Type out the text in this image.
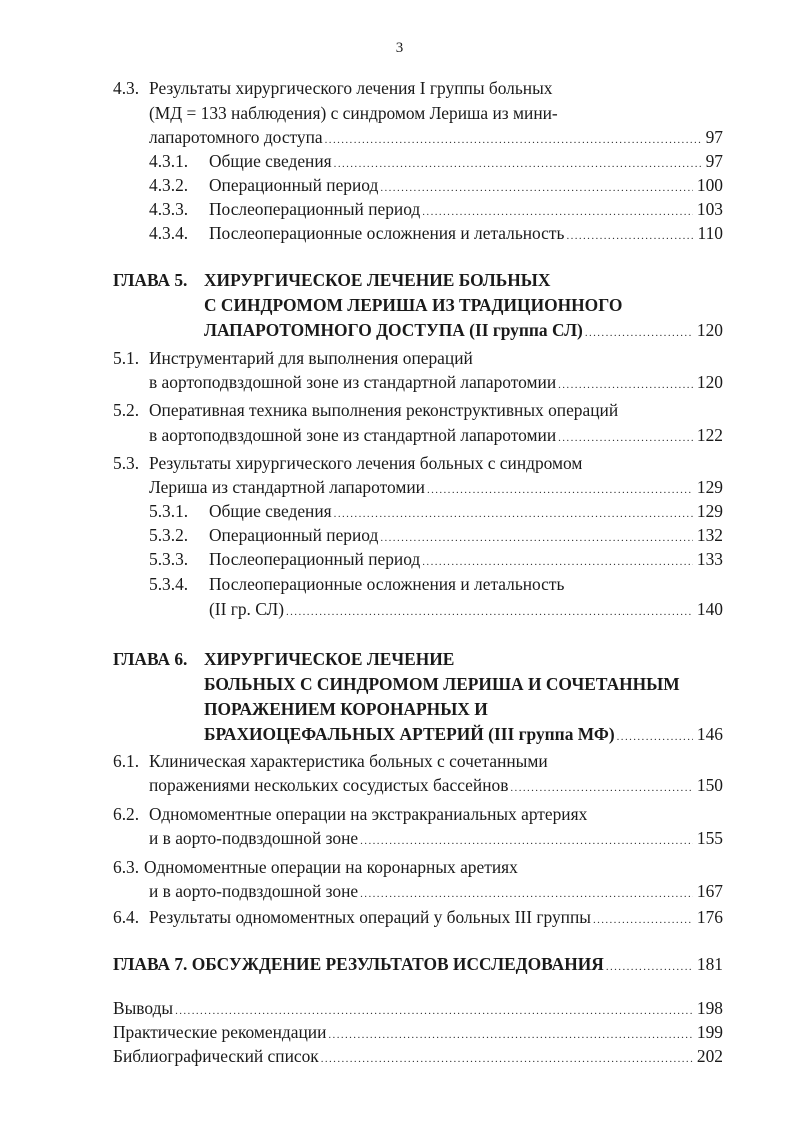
3
4.3. Результаты хирургического лечения I группы больных
(МД = 133 наблюдения) с синдромом Лериша из мини-
лапаротомного доступа .....	97
4.3.1. Общие сведения .....	97
4.3.2. Операционный период .....	100
4.3.3. Послеоперационный период .....	103
4.3.4. Послеоперационные осложнения и летальность .....	110
ГЛАВА 5. ХИРУРГИЧЕСКОЕ ЛЕЧЕНИЕ БОЛЬНЫХ
С СИНДРОМОМ ЛЕРИША ИЗ ТРАДИЦИОННОГО
ЛАПАРОТОМНОГО ДОСТУПА (II группа СЛ) .....	120
5.1. Инструментарий для выполнения операций
в аортоподвздошной зоне из стандартной лапаротомии .....	120
5.2. Оперативная техника выполнения реконструктивных операций
в аортоподвздошной зоне из стандартной лапаротомии .....	122
5.3. Результаты хирургического лечения больных с синдромом
Лериша из стандартной лапаротомии .....	129
5.3.1. Общие сведения .....	129
5.3.2. Операционный период .....	132
5.3.3. Послеоперационный период .....	133
5.3.4. Послеоперационные осложнения и летальность
(II гр. СЛ) .....	140
ГЛАВА 6. ХИРУРГИЧЕСКОЕ ЛЕЧЕНИЕ
БОЛЬНЫХ С СИНДРОМОМ ЛЕРИША И СОЧЕТАННЫМ
ПОРАЖЕНИЕМ КОРОНАРНЫХ И
БРАХИОЦЕФАЛЬНЫХ АРТЕРИЙ (III группа МФ) .....	146
6.1. Клиническая характеристика больных с сочетанными
поражениями нескольких сосудистых бассейнов .....	150
6.2. Одномоментные операции на экстракраниальных артериях
и в аорто-подвздошной зоне .....	155
6.3. Одномоментные операции на коронарных аретиях
и в аорто-подвздошной зоне .....	167
6.4. Результаты одномоментных операций у больных III группы .....	176
ГЛАВА 7. ОБСУЖДЕНИЕ РЕЗУЛЬТАТОВ ИССЛЕДОВАНИЯ .....	181
Выводы .....	198
Практические рекомендации .....	199
Библиографический список .....	202
